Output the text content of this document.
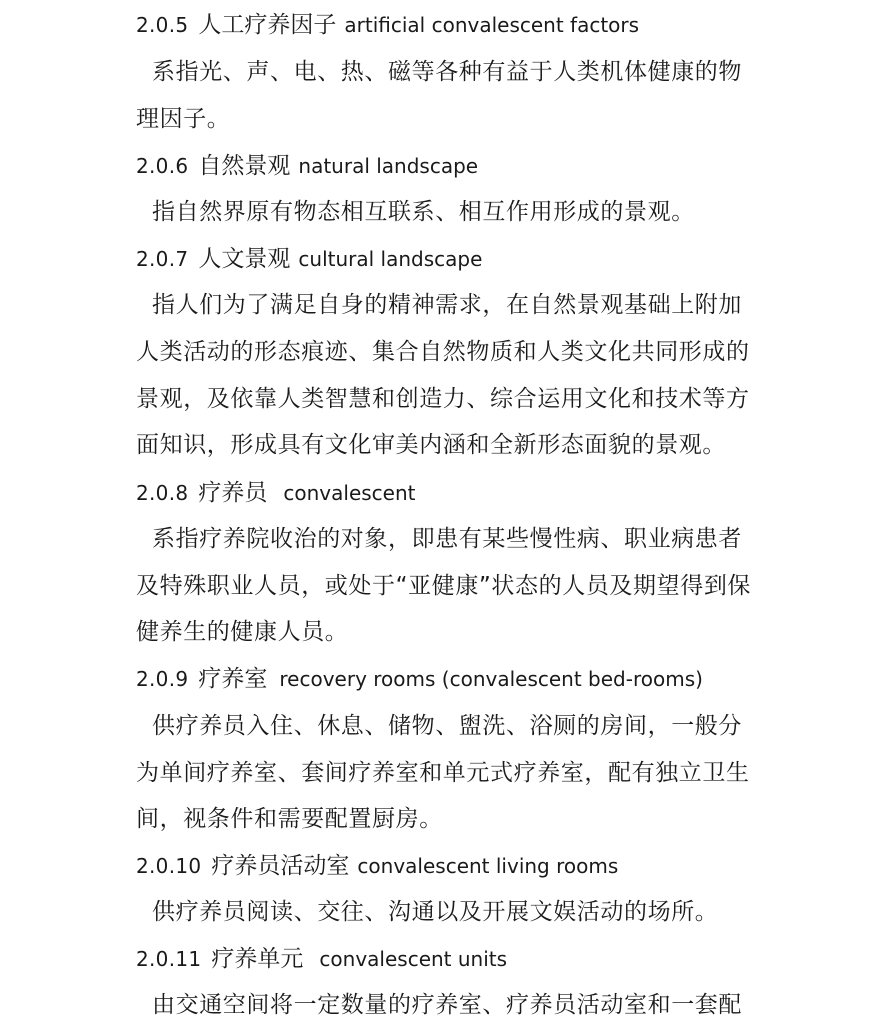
2.0.5 人工疗养因子 artificial convalescent factors
系指光、声、电、热、磁等各种有益于人类机体健康的物
理因子。
2.0.6 自然景观 natural landscape
指自然界原有物态相互联系、相互作用形成的景观。
2.0.7 人文景观 cultural landscape
指人们为了满足自身的精神需求，在自然景观基础上附加
人类活动的形态痕迹、集合自然物质和人类文化共同形成的
景观，及依靠人类智慧和创造力、综合运用文化和技术等方
面知识，形成具有文化审美内涵和全新形态面貌的景观。
2.0.8 疗养员 convalescent
系指疗养院收治的对象，即患有某些慢性病、职业病患者
及特殊职业人员，或处于“亚健康”状态的人员及期望得到保
健养生的健康人员。
2.0.9 疗养室 recovery rooms (convalescent bed-rooms)
供疗养员入住、休息、储物、盥洗、浴厕的房间，一般分
为单间疗养室、套间疗养室和单元式疗养室，配有独立卫生
间，视条件和需要配置厨房。
2.0.10 疗养员活动室 convalescent living rooms
供疗养员阅读、交往、沟通以及开展文娱活动的场所。
2.0.11 疗养单元 convalescent units
由交通空间将一定数量的疗养室、疗养员活动室和一套配
